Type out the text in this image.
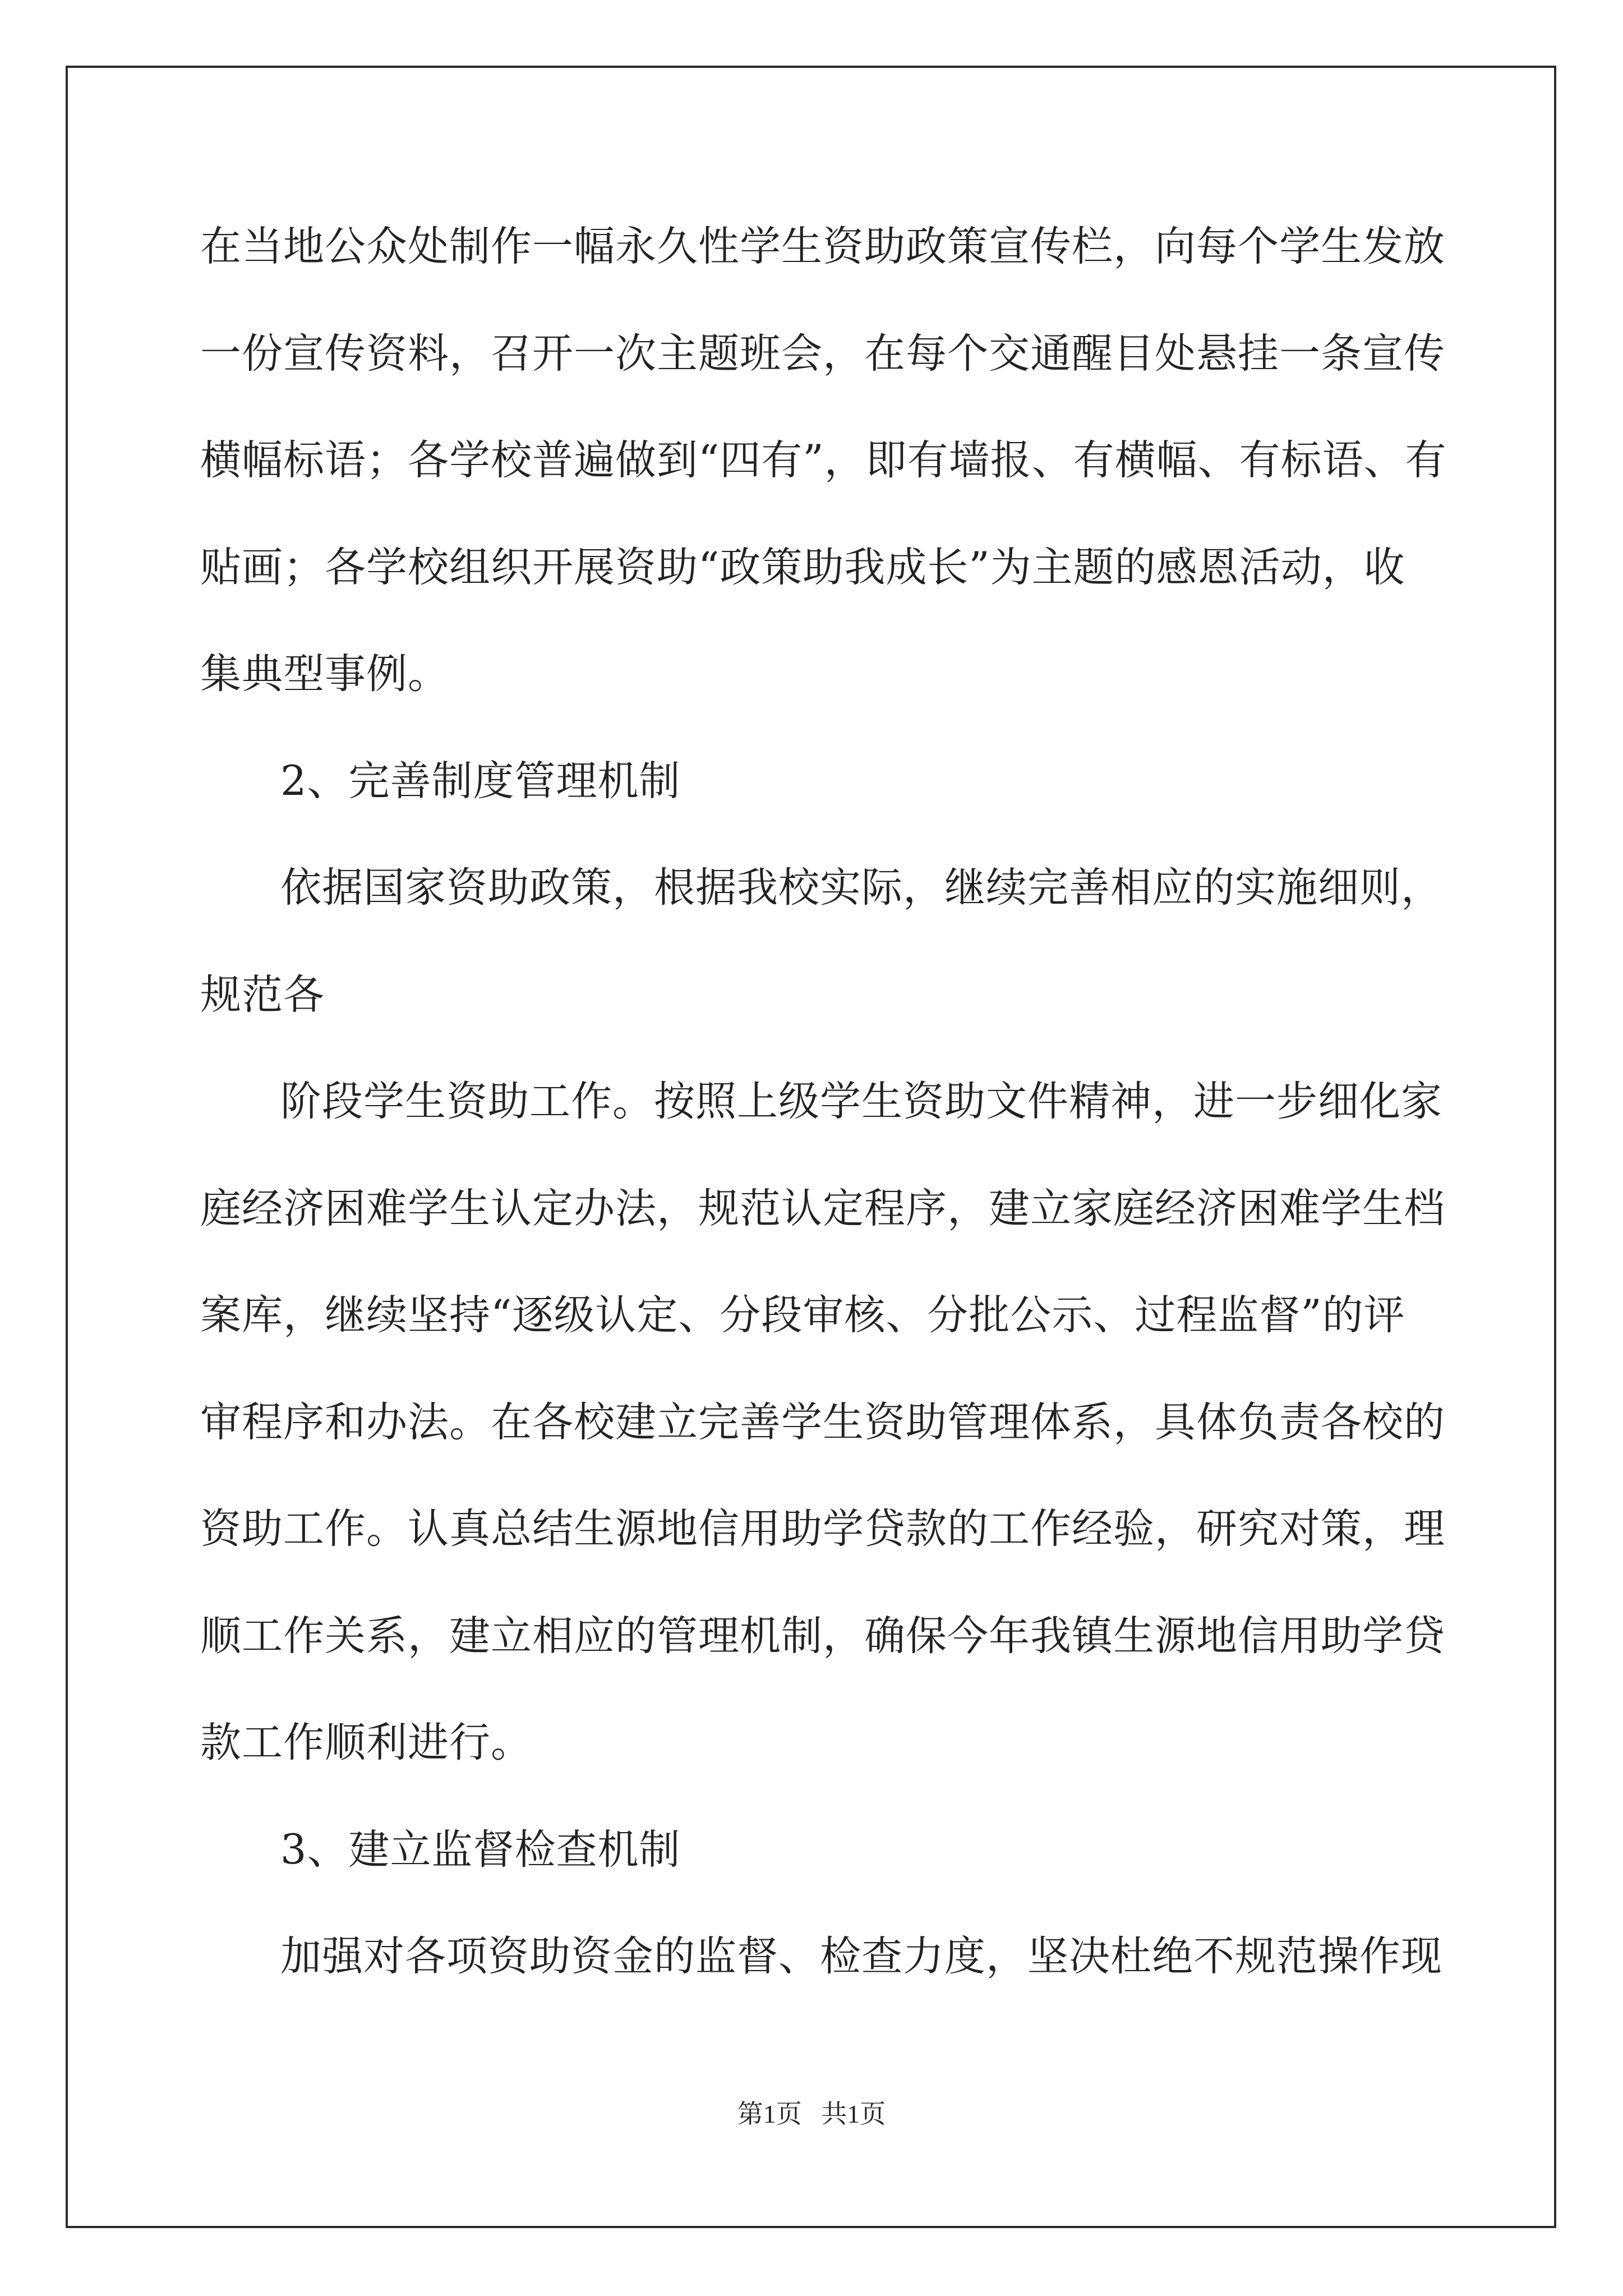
在当地公众处制作一幅永久性学生资助政策宣传栏，向每个学生发放

一份宣传资料，召开一次主题班会，在每个交通醒目处悬挂一条宣传

横幅标语；各学校普遍做到“四有”，即有墙报、有横幅、有标语、有

贴画；各学校组织开展资助“政策助我成长”为主题的感恩活动，收

集典型事例。

2、完善制度管理机制

依据国家资助政策，根据我校实际，继续完善相应的实施细则，

规范各

阶段学生资助工作。按照上级学生资助文件精神，进一步细化家

庭经济困难学生认定办法，规范认定程序，建立家庭经济困难学生档

案库，继续坚持“逐级认定、分段审核、分批公示、过程监督”的评

审程序和办法。在各校建立完善学生资助管理体系，具体负责各校的

资助工作。认真总结生源地信用助学贷款的工作经验，研究对策，理

顺工作关系，建立相应的管理机制，确保今年我镇生源地信用助学贷

款工作顺利进行。

3、建立监督检查机制

加强对各项资助资金的监督、检查力度，坚决杜绝不规范操作现

第1页   共1页
